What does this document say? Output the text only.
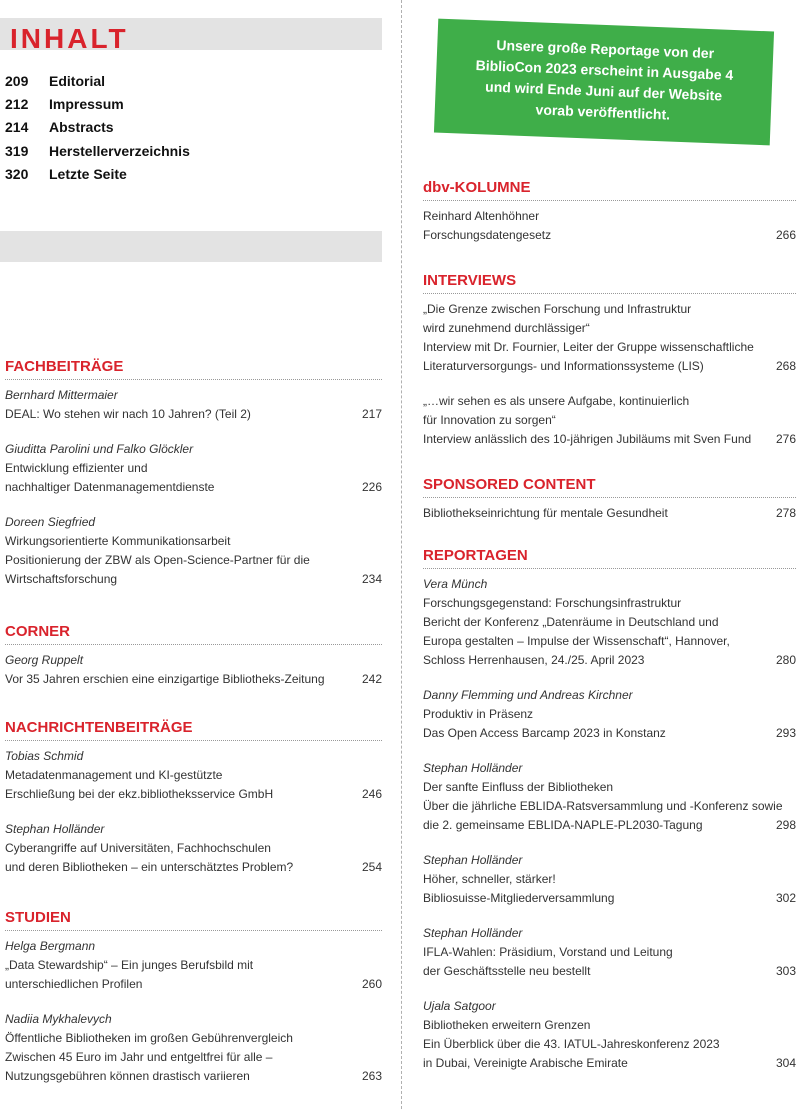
INHALT
209 Editorial
212 Impressum
214 Abstracts
319 Herstellerverzeichnis
320 Letzte Seite
Unsere große Reportage von der
BiblioCon 2023 erscheint in Ausgabe 4
und wird Ende Juni auf der Website
vorab veröffentlicht.
FACHBEITRÄGE
Bernhard Mittermaier
DEAL: Wo stehen wir nach 10 Jahren? (Teil 2)	217
Giuditta Parolini und Falko Glöckler
Entwicklung effizienter und
nachhaltiger Datenmanagementdienste	226
Doreen Siegfried
Wirkungsorientierte Kommunikationsarbeit
Positionierung der ZBW als Open-Science-Partner für die
Wirtschaftsforschung	234
CORNER
Georg Ruppelt
Vor 35 Jahren erschien eine einzigartige Bibliotheks-Zeitung	242
NACHRICHTENBEITRÄGE
Tobias Schmid
Metadatenmanagement und KI-gestützte
Erschließung bei der ekz.bibliotheksservice GmbH	246
Stephan Holländer
Cyberangriffe auf Universitäten, Fachhochschulen
und deren Bibliotheken – ein unterschätztes Problem?	254
STUDIEN
Helga Bergmann
„Data Stewardship“ – Ein junges Berufsbild mit
unterschiedlichen Profilen	260
Nadiia Mykhalevych
Öffentliche Bibliotheken im großen Gebührenvergleich
Zwischen 45 Euro im Jahr und entgeltfrei für alle –
Nutzungsgebühren können drastisch variieren	263
dbv-KOLUMNE
Reinhard Altenhöhner
Forschungsdatengesetz	266
INTERVIEWS
„Die Grenze zwischen Forschung und Infrastruktur
wird zunehmend durchlässiger“
Interview mit Dr. Fournier, Leiter der Gruppe wissenschaftliche
Literaturversorgungs- und Informationssysteme (LIS)	268
„…wir sehen es als unsere Aufgabe, kontinuierlich
für Innovation zu sorgen“
Interview anlässlich des 10-jährigen Jubiläums mit Sven Fund 276
SPONSORED CONTENT
Bibliothekseinrichtung für mentale Gesundheit	278
REPORTAGEN
Vera Münch
Forschungsgegenstand: Forschungsinfrastruktur
Bericht der Konferenz „Datenräume in Deutschland und
Europa gestalten – Impulse der Wissenschaft“, Hannover,
Schloss Herrenhausen, 24./25. April 2023	280
Danny Flemming und Andreas Kirchner
Produktiv in Präsenz
Das Open Access Barcamp 2023 in Konstanz	293
Stephan Holländer
Der sanfte Einfluss der Bibliotheken
Über die jährliche EBLIDA-Ratsversammlung und -Konferenz sowie
die 2. gemeinsame EBLIDA-NAPLE-PL2030-Tagung	298
Stephan Holländer
Höher, schneller, stärker!
Bibliosuisse-Mitgliederversammlung	302
Stephan Holländer
IFLA-Wahlen: Präsidium, Vorstand und Leitung
der Geschäftsstelle neu bestellt	303
Ujala Satgoor
Bibliotheken erweitern Grenzen
Ein Überblick über die 43. IATUL-Jahreskonferenz 2023
in Dubai, Vereinigte Arabische Emirate	304
